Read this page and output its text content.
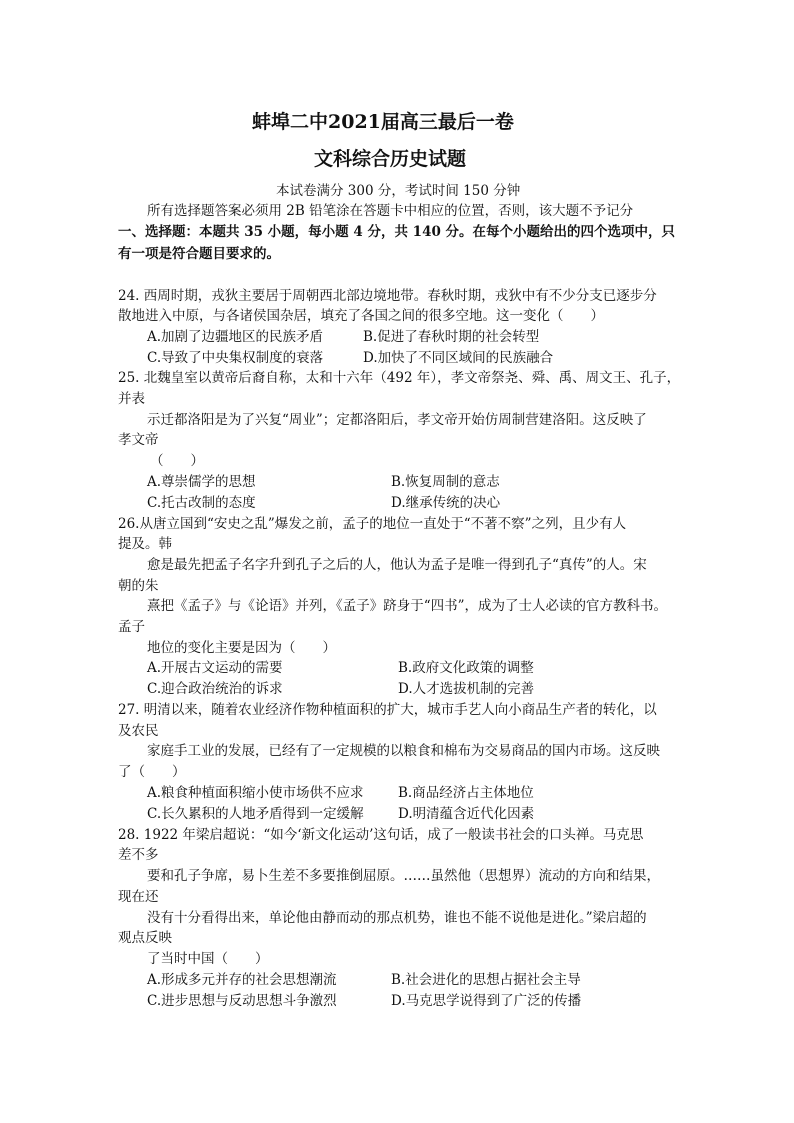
蚌埠二中2021届高三最后一卷
文科综合历史试题
本试卷满分 300 分，考试时间 150 分钟
所有选择题答案必须用 2B 铅笔涂在答题卡中相应的位置，否则，该大题不予记分
一、选择题：本题共 35 小题，每小题 4 分，共 140 分。在每个小题给出的四个选项中，只
有一项是符合题目要求的。
24. 西周时期，戎狄主要居于周朝西北部边境地带。春秋时期，戎狄中有不少分支已逐步分
散地进入中原，与各诸侯国杂居，填充了各国之间的很多空地。这一变化（　　）
A.加剧了边疆地区的民族矛盾	B.促进了春秋时期的社会转型
C.导致了中央集权制度的衰落	D.加快了不同区域间的民族融合
25. 北魏皇室以黄帝后裔自称，太和十六年（492 年），孝文帝祭尧、舜、禹、周文王、孔子，
并表
示迁都洛阳是为了兴复“周业”；定都洛阳后，孝文帝开始仿周制营建洛阳。这反映了
孝文帝
（　　）
A.尊崇儒学的思想	B.恢复周制的意志
C.托古改制的态度	D.继承传统的决心
26.从唐立国到“安史之乱”爆发之前，孟子的地位一直处于“不著不察”之列，且少有人
提及。韩
愈是最先把孟子名字升到孔子之后的人，他认为孟子是唯一得到孔子“真传”的人。宋
朝的朱
熹把《孟子》与《论语》并列，《孟子》跻身于“四书”，成为了士人必读的官方教科书。
孟子
地位的变化主要是因为（　　）
A.开展古文运动的需要	B.政府文化政策的调整
C.迎合政治统治的诉求	D.人才选拔机制的完善
27. 明清以来，随着农业经济作物种植面积的扩大，城市手艺人向小商品生产者的转化，以
及农民
家庭手工业的发展，已经有了一定规模的以粮食和棉布为交易商品的国内市场。这反映
了（　　）
A.粮食种植面积缩小使市场供不应求	B.商品经济占主体地位
C.长久累积的人地矛盾得到一定缓解	D.明清蕴含近代化因素
28. 1922 年梁启超说：“如今‘新文化运动’这句话，成了一般读书社会的口头禅。马克思
差不多
要和孔子争席，易卜生差不多要推倒屈原。……虽然他（思想界）流动的方向和结果，
现在还
没有十分看得出来，单论他由静而动的那点机势，谁也不能不说他是进化。”梁启超的
观点反映
了当时中国（　　）
A.形成多元并存的社会思想潮流	B.社会进化的思想占据社会主导
C.进步思想与反动思想斗争激烈	D.马克思学说得到了广泛的传播
